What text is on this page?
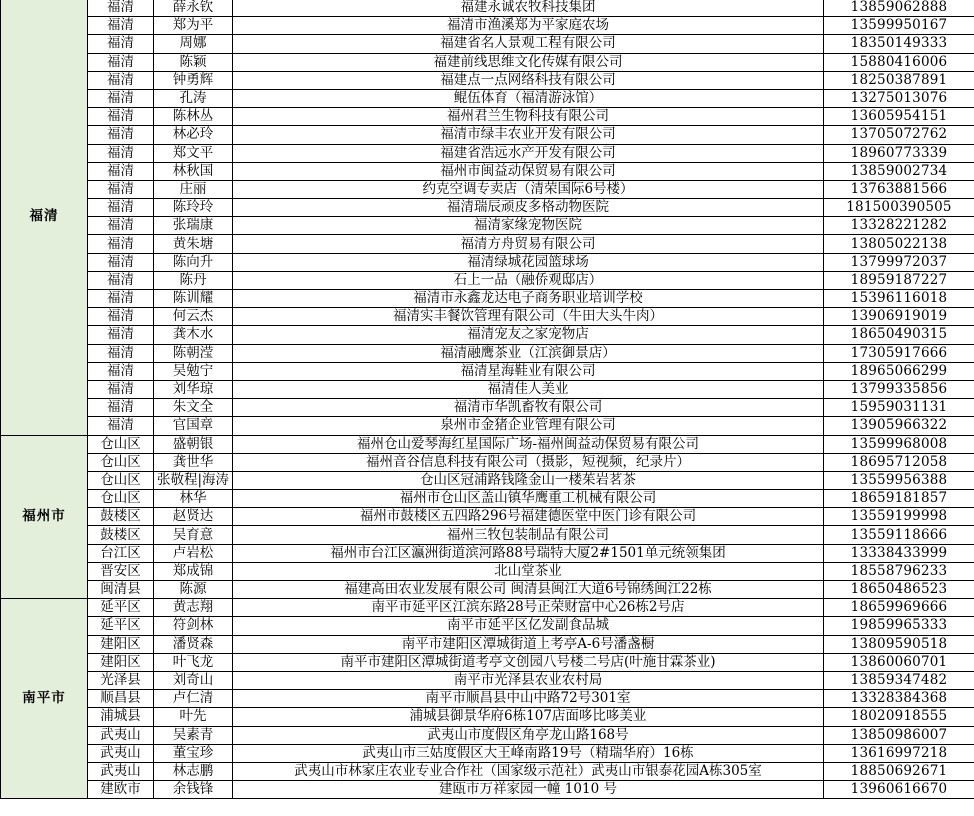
福清	福清	薛永钦	福建永诚农牧科技集团	13859062888
	福清	郑为平	福清市渔溪郑为平家庭农场	13599950167
	福清	周娜	福建省名人景观工程有限公司	18350149333
	福清	陈颖	福建前线思维文化传媒有限公司	15880416006
	福清	钟勇辉	福建点一点网络科技有限公司	18250387891
	福清	孔涛	鲲伍体育（福清游泳馆）	13275013076
	福清	陈林丛	福州君兰生物科技有限公司	13605954151
	福清	林必玲	福清市绿丰农业开发有限公司	13705072762
	福清	郑文平	福建省浩远水产开发有限公司	18960773339
	福清	林秋国	福州市闽益动保贸易有限公司	13859002734
	福清	庄丽	约克空调专卖店（清荣国际6号楼）	13763881566
	福清	陈玲玲	福清瑞辰顽皮多格动物医院	181500390505
	福清	张瑞康	福清家缘宠物医院	13328221282
	福清	黄朱塘	福清方舟贸易有限公司	13805022138
	福清	陈向升	福清绿城花园篮球场	13799972037
	福清	陈丹	石上一品（融侨观邸店）	18959187227
	福清	陈训耀	福清市永鑫龙达电子商务职业培训学校	15396116018
	福清	何云杰	福清实丰餐饮管理有限公司（牛田大头牛肉）	13906919019
	福清	龚木水	福清宠友之家宠物店	18650490315
	福清	陈朝滢	福清融鹰茶业（江滨御景店）	17305917666
	福清	吴勉宁	福清星海鞋业有限公司	18965066299
	福清	刘华琼	福清佳人美业	13799335856
	福清	朱文全	福清市华凯畜牧有限公司	15959031131
	福清	官国章	泉州市金猪企业管理有限公司	13905966322
福州市	仓山区	盛朝银	福州仓山爱琴海红星国际广场-福州闽益动保贸易有限公司	13599968008
	仓山区	龚世华	福州音谷信息科技有限公司（摄影，短视频，纪录片）	18695712058
	仓山区	张敬程|海涛	仓山区冠浦路钱隆金山一楼茱岩茗茶	13559956388
	仓山区	林华	福州市仓山区盖山镇华鹰重工机械有限公司	18659181857
	鼓楼区	赵贤达	福州市鼓楼区五四路296号福建德医堂中医门诊有限公司	13559199998
	鼓楼区	吴育意	福州三牧包装制品有限公司	13559118666
	台江区	卢岩松	福州市台江区瀛洲街道滨河路88号瑞特大厦2#1501单元统领集团	13338433999
	晋安区	郑成锦	北山堂茶业	18558796233
	闽清县	陈源	福建高田农业发展有限公司 闽清县闽江大道6号锦绣闽江22栋	18650486523
南平市	延平区	黄志翔	南平市延平区江滨东路28号正荣财富中心26栋2号店	18659969666
	延平区	符剑林	南平市延平区亿发副食品城	19859965333
	建阳区	潘贤森	南平市建阳区潭城街道上考亭A-6号潘盏橱	13809590518
	建阳区	叶飞龙	南平市建阳区潭城街道考亭文创园八号楼二号店(叶施甘霖茶业)	13860060701
	光泽县	刘奇山	南平市光泽县农业农村局	13859347482
	顺昌县	卢仁清	南平市顺昌县中山中路72号301室	13328384368
	浦城县	叶先	浦城县御景华府6栋107店面哆比哆美业	18020918555
	武夷山	吴素青	武夷山市度假区角亭龙山路168号	13850986007
	武夷山	董宝珍	武夷山市三姑度假区大王峰南路19号（精瑞华府）16栋	13616997218
	武夷山	林志鹏	武夷山市林家庄农业专业合作社（国家级示范社）武夷山市银泰花园A栋305室	18850692671
	建欧市	余钱锋	建瓯市万祥家园一幢 1010 号	13960616670
